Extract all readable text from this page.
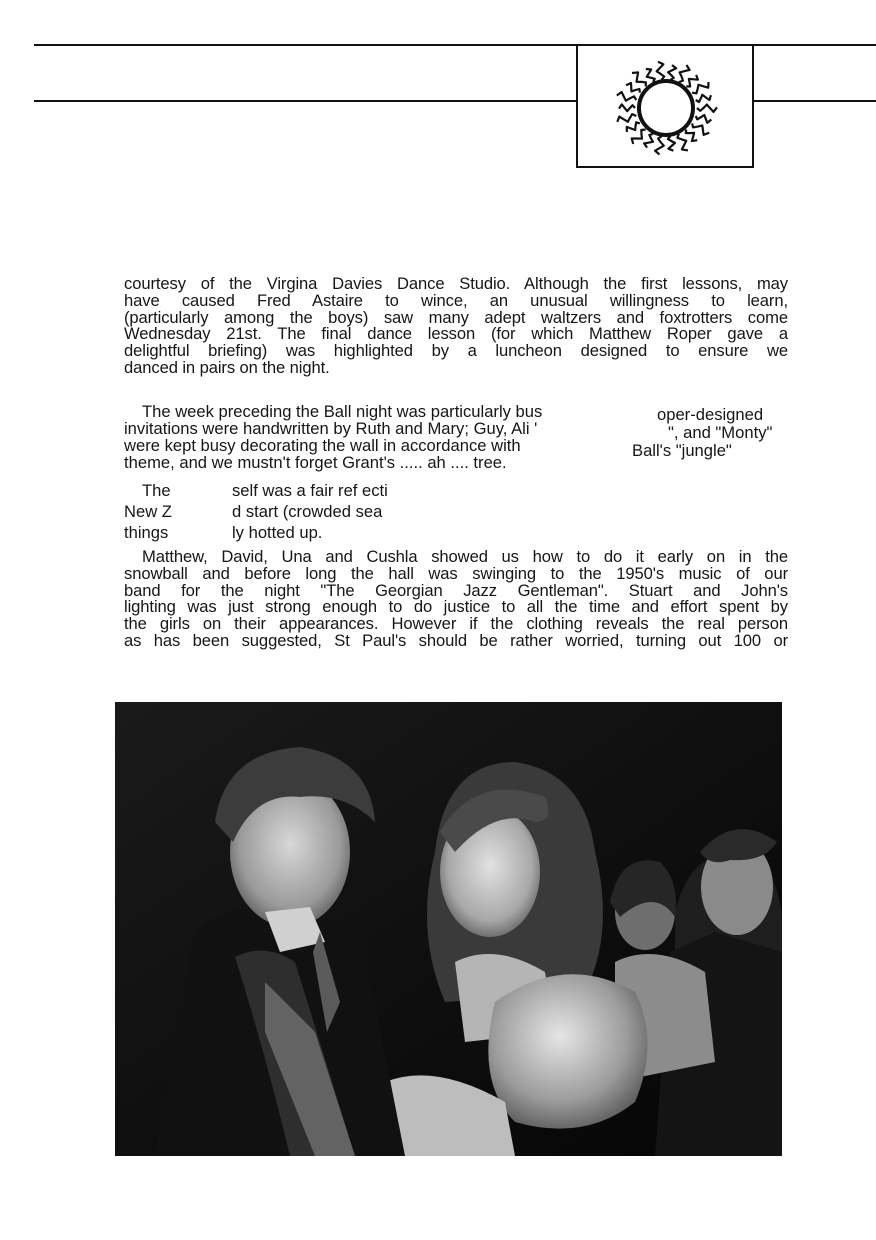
courtesy of the Virgina Davies Dance Studio. Although the first lessons, may

have caused Fred Astaire to wince, an unusual willingness to learn,

(particularly among the boys) saw many adept waltzers and foxtrotters come

Wednesday 21st. The final dance lesson (for which Matthew Roper gave a

delightful briefing) was highlighted by a luncheon designed to ensure we

danced in pairs on the night.

The week preceding the Ball night was particularly bus
invitations were handwritten by Ruth and Mary; Guy, Ali '
were kept busy decorating the wall in accordance with
theme, and we mustn't forget Grant's ..... ah .... tree.
oper-designed
", and "Monty"
Ball's "jungle"
The
New Z
things
self was a fair ref ecti
d start (crowded sea
ly hotted up.

Matthew, David, Una and Cushla showed us how to do it early on in the

snowball and before long the hall was swinging to the 1950's music of our

band for the night "The Georgian Jazz Gentleman". Stuart and John's

lighting was just strong enough to do justice to all the time and effort spent by

the girls on their appearances. However if the clothing reveals the real person

as has been suggested, St Paul's should be rather worried, turning out 100 or
